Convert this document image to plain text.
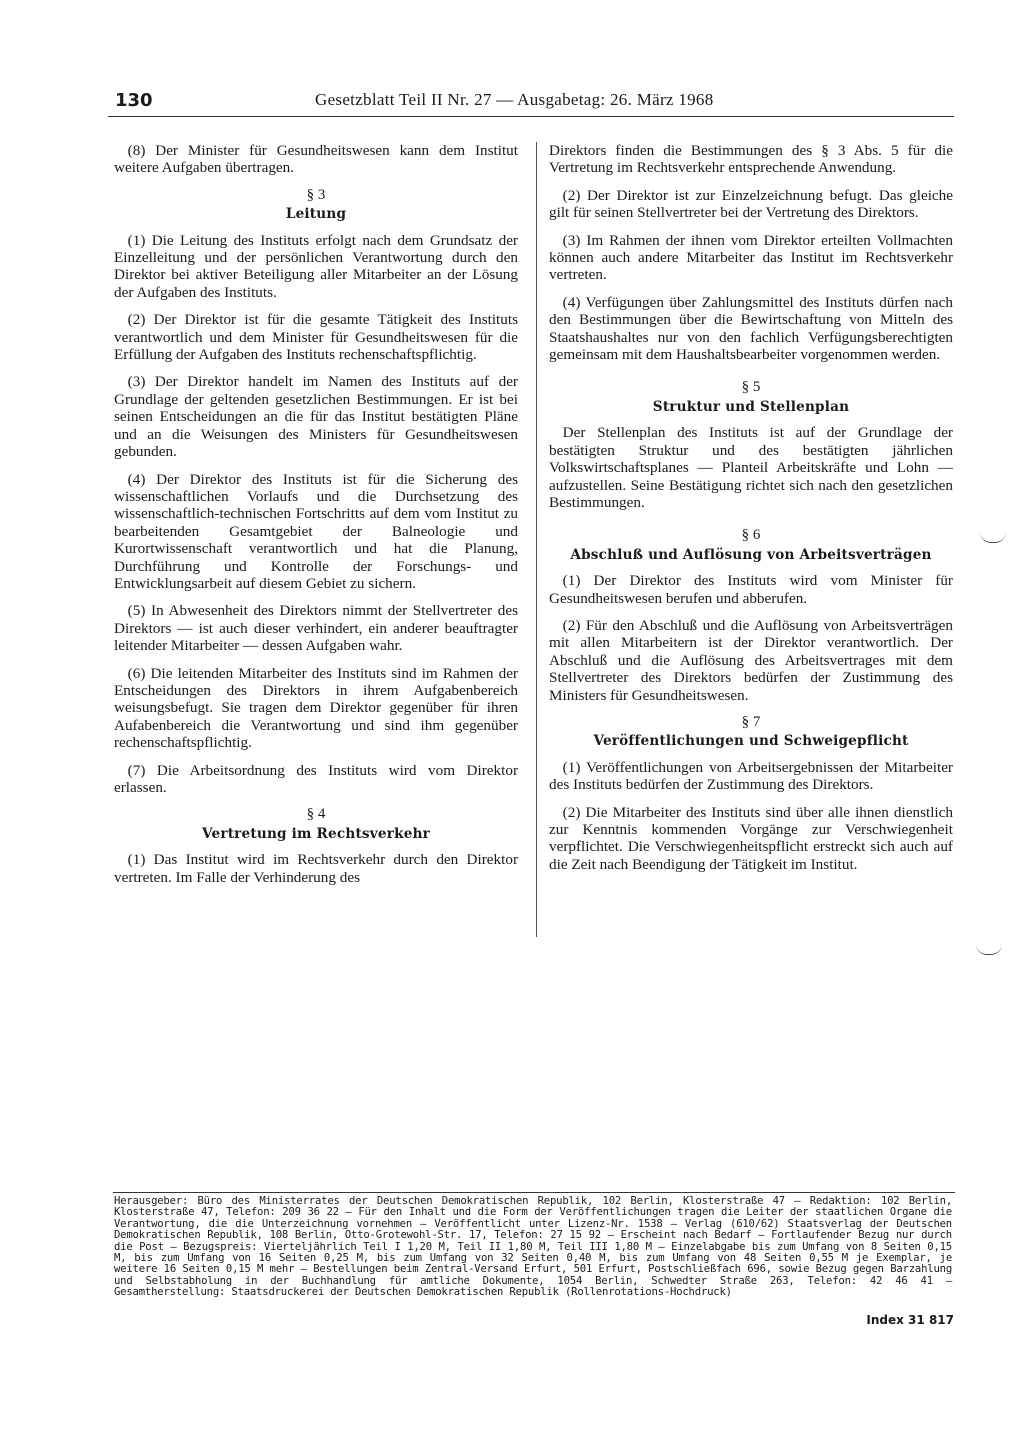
130	Gesetzblatt Teil II Nr. 27 — Ausgabetag: 26. März 1968

(8) Der Minister für Gesundheitswesen kann dem Institut weitere Aufgaben übertragen.

§ 3
Leitung

(1) Die Leitung des Instituts erfolgt nach dem Grundsatz der Einzelleitung und der persönlichen Verantwortung durch den Direktor bei aktiver Beteiligung aller Mitarbeiter an der Lösung der Aufgaben des Instituts.

(2) Der Direktor ist für die gesamte Tätigkeit des Instituts verantwortlich und dem Minister für Gesundheitswesen für die Erfüllung der Aufgaben des Instituts rechenschaftspflichtig.

(3) Der Direktor handelt im Namen des Instituts auf der Grundlage der geltenden gesetzlichen Bestimmungen. Er ist bei seinen Entscheidungen an die für das Institut bestätigten Pläne und an die Weisungen des Ministers für Gesundheitswesen gebunden.

(4) Der Direktor des Instituts ist für die Sicherung des wissenschaftlichen Vorlaufs und die Durchsetzung des wissenschaftlich-technischen Fortschritts auf dem vom Institut zu bearbeitenden Gesamtgebiet der Balneologie und Kurortwissenschaft verantwortlich und hat die Planung, Durchführung und Kontrolle der Forschungs- und Entwicklungsarbeit auf diesem Gebiet zu sichern.

(5) In Abwesenheit des Direktors nimmt der Stellvertreter des Direktors — ist auch dieser verhindert, ein anderer beauftragter leitender Mitarbeiter — dessen Aufgaben wahr.

(6) Die leitenden Mitarbeiter des Instituts sind im Rahmen der Entscheidungen des Direktors in ihrem Aufgabenbereich weisungsbefugt. Sie tragen dem Direktor gegenüber für ihren Aufabenbereich die Verantwortung und sind ihm gegenüber rechenschaftspflichtig.

(7) Die Arbeitsordnung des Instituts wird vom Direktor erlassen.

§ 4
Vertretung im Rechtsverkehr

(1) Das Institut wird im Rechtsverkehr durch den Direktor vertreten. Im Falle der Verhinderung des

Direktors finden die Bestimmungen des § 3 Abs. 5 für die Vertretung im Rechtsverkehr entsprechende Anwendung.

(2) Der Direktor ist zur Einzelzeichnung befugt. Das gleiche gilt für seinen Stellvertreter bei der Vertretung des Direktors.

(3) Im Rahmen der ihnen vom Direktor erteilten Vollmachten können auch andere Mitarbeiter das Institut im Rechtsverkehr vertreten.

(4) Verfügungen über Zahlungsmittel des Instituts dürfen nach den Bestimmungen über die Bewirtschaftung von Mitteln des Staatshaushaltes nur von den fachlich Verfügungsberechtigten gemeinsam mit dem Haushaltsbearbeiter vorgenommen werden.

§ 5
Struktur und Stellenplan

Der Stellenplan des Instituts ist auf der Grundlage der bestätigten Struktur und des bestätigten jährlichen Volkswirtschaftsplanes — Planteil Arbeitskräfte und Lohn — aufzustellen. Seine Bestätigung richtet sich nach den gesetzlichen Bestimmungen.

§ 6
Abschluß und Auflösung von Arbeitsverträgen

(1) Der Direktor des Instituts wird vom Minister für Gesundheitswesen berufen und abberufen.

(2) Für den Abschluß und die Auflösung von Arbeitsverträgen mit allen Mitarbeitern ist der Direktor verantwortlich. Der Abschluß und die Auflösung des Arbeitsvertrages mit dem Stellvertreter des Direktors bedürfen der Zustimmung des Ministers für Gesundheitswesen.

§ 7
Veröffentlichungen und Schweigepflicht

(1) Veröffentlichungen von Arbeitsergebnissen der Mitarbeiter des Instituts bedürfen der Zustimmung des Direktors.

(2) Die Mitarbeiter des Instituts sind über alle ihnen dienstlich zur Kenntnis kommenden Vorgänge zur Verschwiegenheit verpflichtet. Die Verschwiegenheitspflicht erstreckt sich auch auf die Zeit nach Beendigung der Tätigkeit im Institut.

Herausgeber: Büro des Ministerrates der Deutschen Demokratischen Republik, 102 Berlin, Klosterstraße 47 — Redaktion: 102 Berlin, Klosterstraße 47, Telefon: 209 36 22 — Für den Inhalt und die Form der Veröffentlichungen tragen die Leiter der staatlichen Organe die Verantwortung, die die Unterzeichnung vornehmen — Veröffentlicht unter Lizenz-Nr. 1538 — Verlag (610/62) Staatsverlag der Deutschen Demokratischen Republik, 108 Berlin, Otto-Grotewohl-Str. 17, Telefon: 27 15 92 — Erscheint nach Bedarf — Fortlaufender Bezug nur durch die Post — Bezugspreis: Vierteljährlich Teil I 1,20 M, Teil II 1,80 M, Teil III 1,80 M — Einzelabgabe bis zum Umfang von 8 Seiten 0,15 M, bis zum Umfang von 16 Seiten 0,25 M, bis zum Umfang von 32 Seiten 0,40 M, bis zum Umfang von 48 Seiten 0,55 M je Exemplar, je weitere 16 Seiten 0,15 M mehr — Bestellungen beim Zentral-Versand Erfurt, 501 Erfurt, Postschließfach 696, sowie Bezug gegen Barzahlung und Selbstabholung in der Buchhandlung für amtliche Dokumente, 1054 Berlin, Schwedter Straße 263, Telefon: 42 46 41 — Gesamtherstellung: Staatsdruckerei der Deutschen Demokratischen Republik (Rollenrotations-Hochdruck)
Index 31 817
